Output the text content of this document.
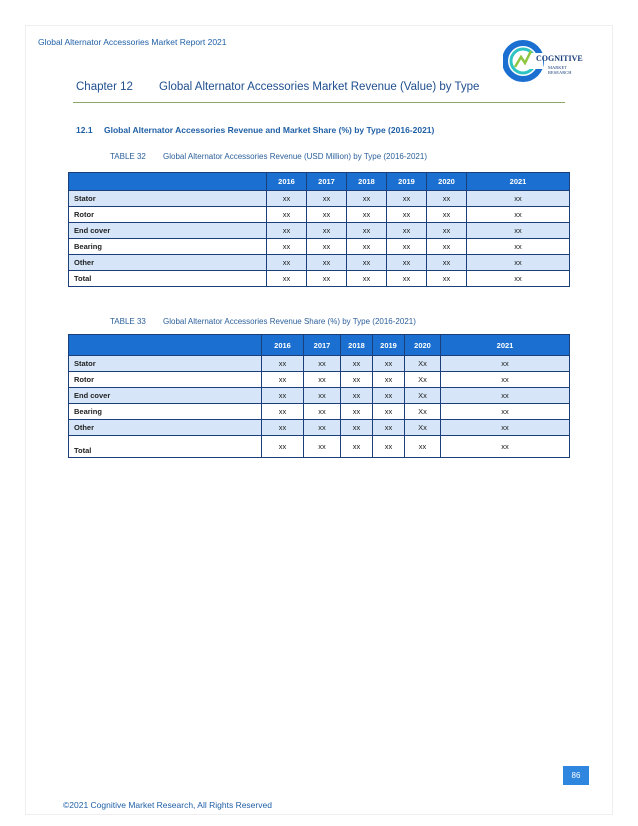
Global Alternator Accessories Market Report 2021
COGNITIVE
MARKET
RESEARCH
Chapter 12 Global Alternator Accessories Market Revenue (Value) by Type
12.1 Global Alternator Accessories Revenue and Market Share (%) by Type (2016-2021)
TABLE 32 Global Alternator Accessories Revenue (USD Million) by Type (2016-2021)
	2016	2017	2018	2019	2020	2021
Stator	xx	xx	xx	xx	xx	xx
Rotor	xx	xx	xx	xx	xx	xx
End cover	xx	xx	xx	xx	xx	xx
Bearing	xx	xx	xx	xx	xx	xx
Other	xx	xx	xx	xx	xx	xx
Total	xx	xx	xx	xx	xx	xx
TABLE 33 Global Alternator Accessories Revenue Share (%) by Type (2016-2021)
	2016	2017	2018	2019	2020	2021
Stator	xx	xx	xx	xx	Xx	xx
Rotor	xx	xx	xx	xx	Xx	xx
End cover	xx	xx	xx	xx	Xx	xx
Bearing	xx	xx	xx	xx	Xx	xx
Other	xx	xx	xx	xx	Xx	xx
Total	xx	xx	xx	xx	xx	xx
86
©2021 Cognitive Market Research, All Rights Reserved
